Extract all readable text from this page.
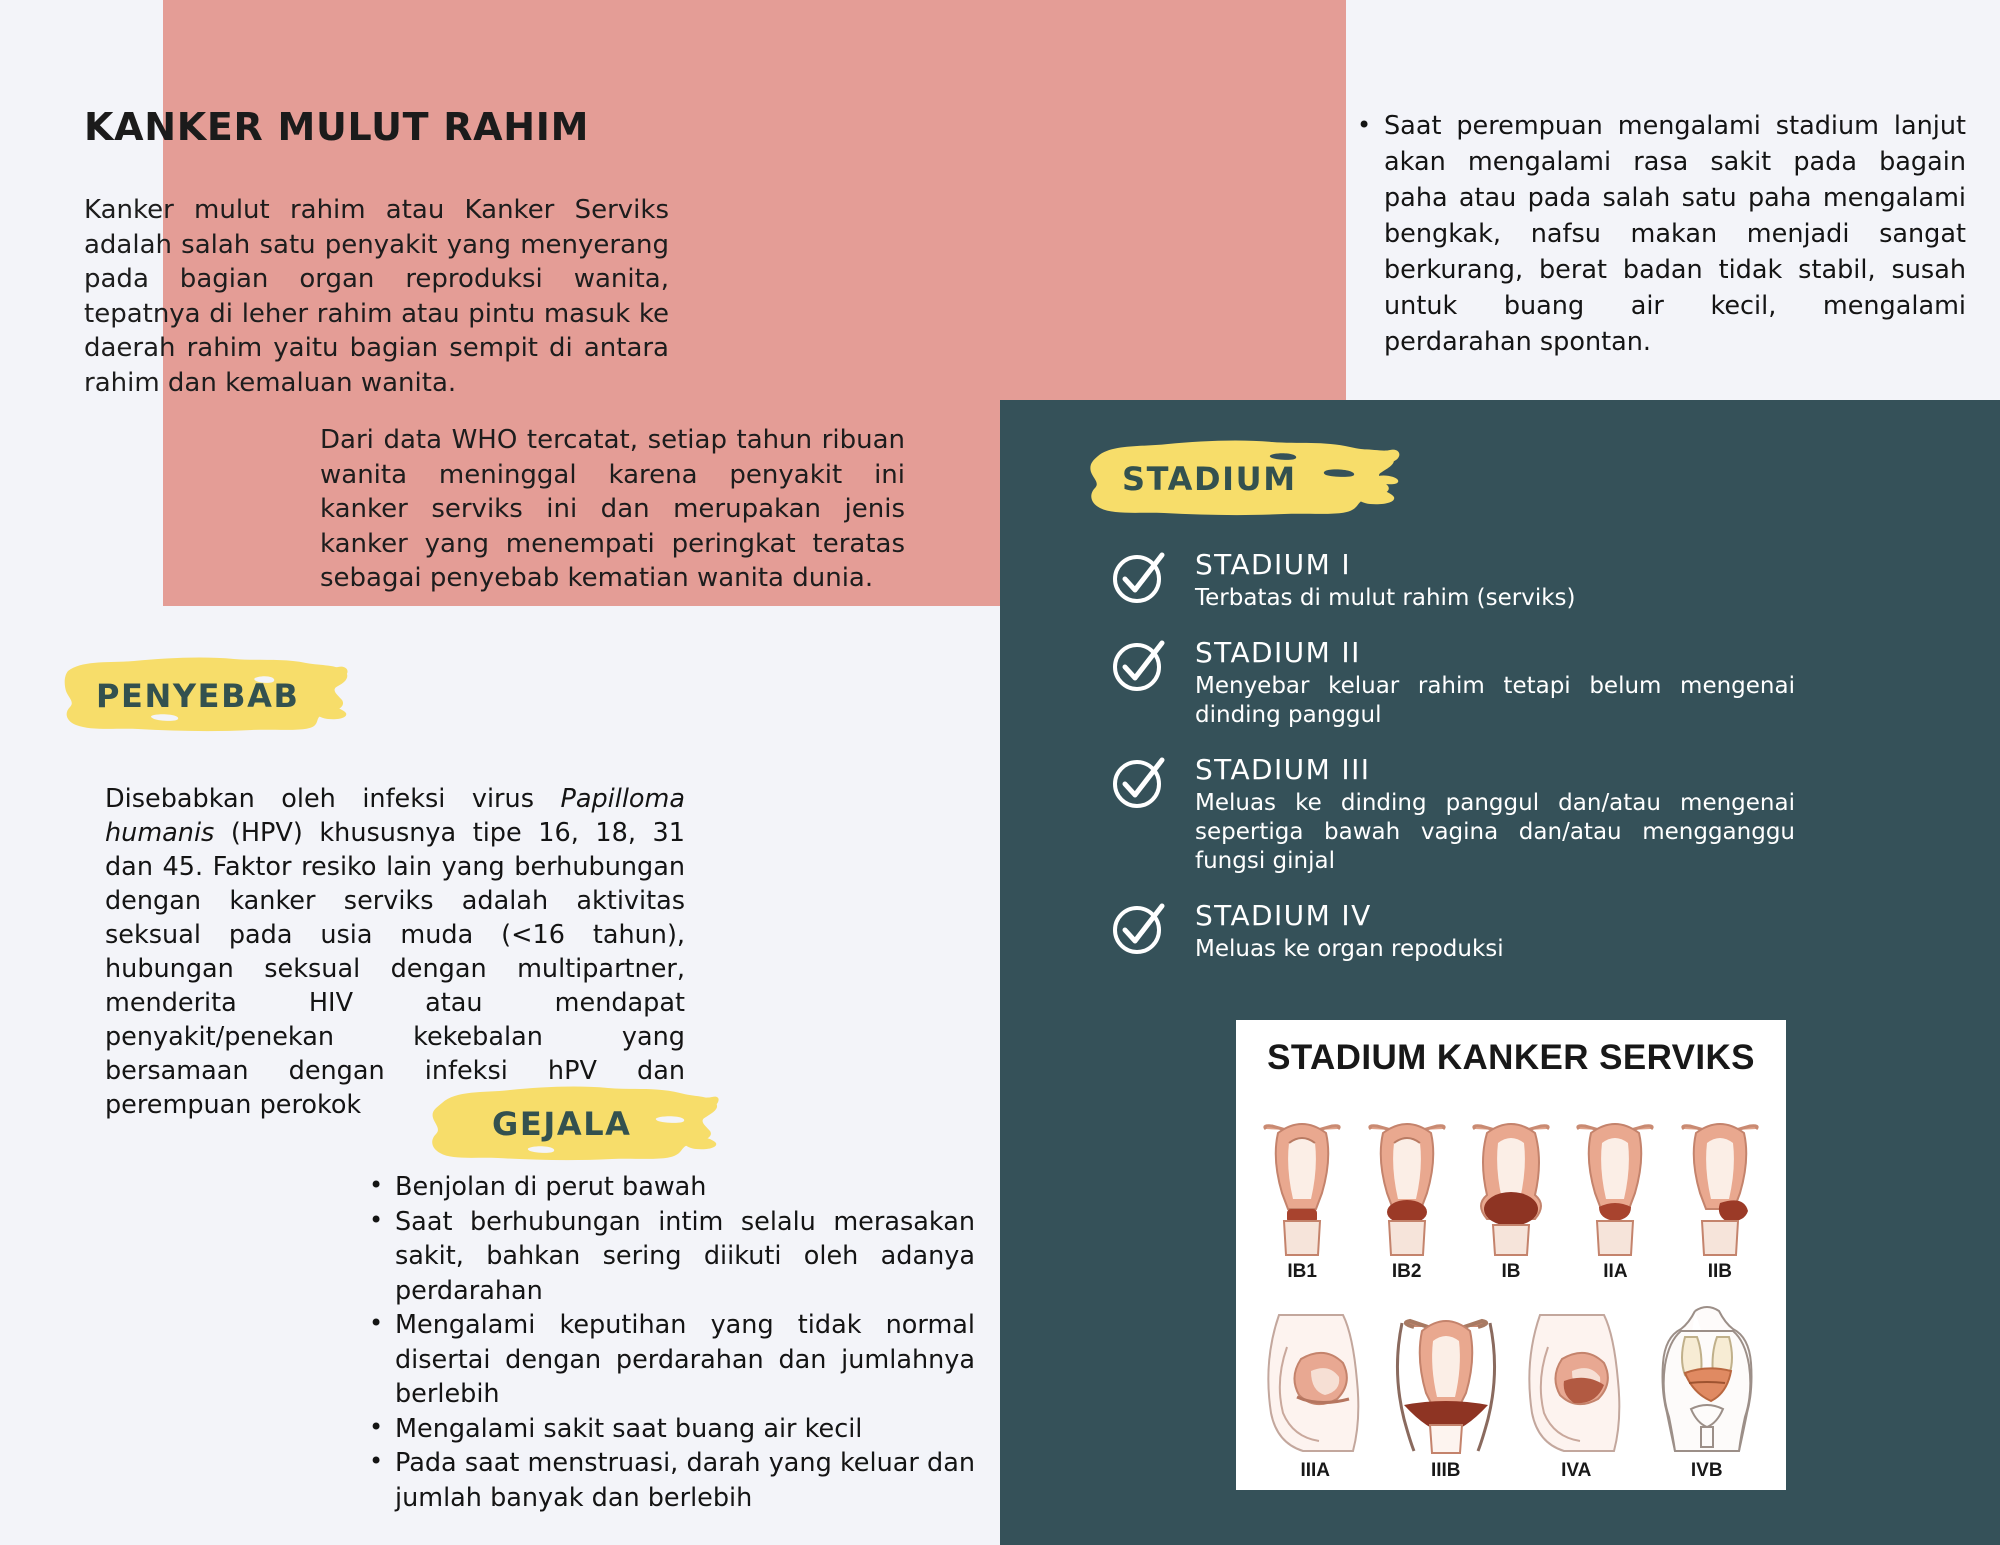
KANKER MULUT RAHIM

Kanker mulut rahim atau Kanker Serviks adalah salah satu penyakit yang menyerang pada bagian organ reproduksi wanita, tepatnya di leher rahim atau pintu masuk ke daerah rahim yaitu bagian sempit di antara rahim dan kemaluan wanita.

Dari data WHO tercatat, setiap tahun ribuan wanita meninggal karena penyakit ini kanker serviks ini dan merupakan jenis kanker yang menempati peringkat teratas sebagai penyebab kematian wanita dunia.

• Saat perempuan mengalami stadium lanjut akan mengalami rasa sakit pada bagain paha atau pada salah satu paha mengalami bengkak, nafsu makan menjadi sangat berkurang, berat badan tidak stabil, susah untuk buang air kecil, mengalami perdarahan spontan.
PENYEBAB

Disebabkan oleh infeksi virus Papilloma humanis (HPV) khususnya tipe 16, 18, 31 dan 45. Faktor resiko lain yang berhubungan dengan kanker serviks adalah aktivitas seksual pada usia muda (<16 tahun), hubungan seksual dengan multipartner, menderita HIV atau mendapat penyakit/penekan kekebalan yang bersamaan dengan infeksi hPV dan perempuan perokok

GEJALA
• Benjolan di perut bawah
• Saat berhubungan intim selalu merasakan sakit, bahkan sering diikuti oleh adanya perdarahan
• Mengalami keputihan yang tidak normal disertai dengan perdarahan dan jumlahnya berlebih
• Mengalami sakit saat buang air kecil
• Pada saat menstruasi, darah yang keluar dan jumlah banyak dan berlebih
STADIUM
STADIUM I
Terbatas di mulut rahim (serviks)
STADIUM II
Menyebar keluar rahim tetapi belum mengenai dinding panggul
STADIUM III
Meluas ke dinding panggul dan/atau mengenai sepertiga bawah vagina dan/atau mengganggu fungsi ginjal
STADIUM IV
Meluas ke organ repoduksi
STADIUM KANKER SERVIKS
IB1	IB2	IB	IIA	IIB
IIIA	IIIB	IVA	IVB
